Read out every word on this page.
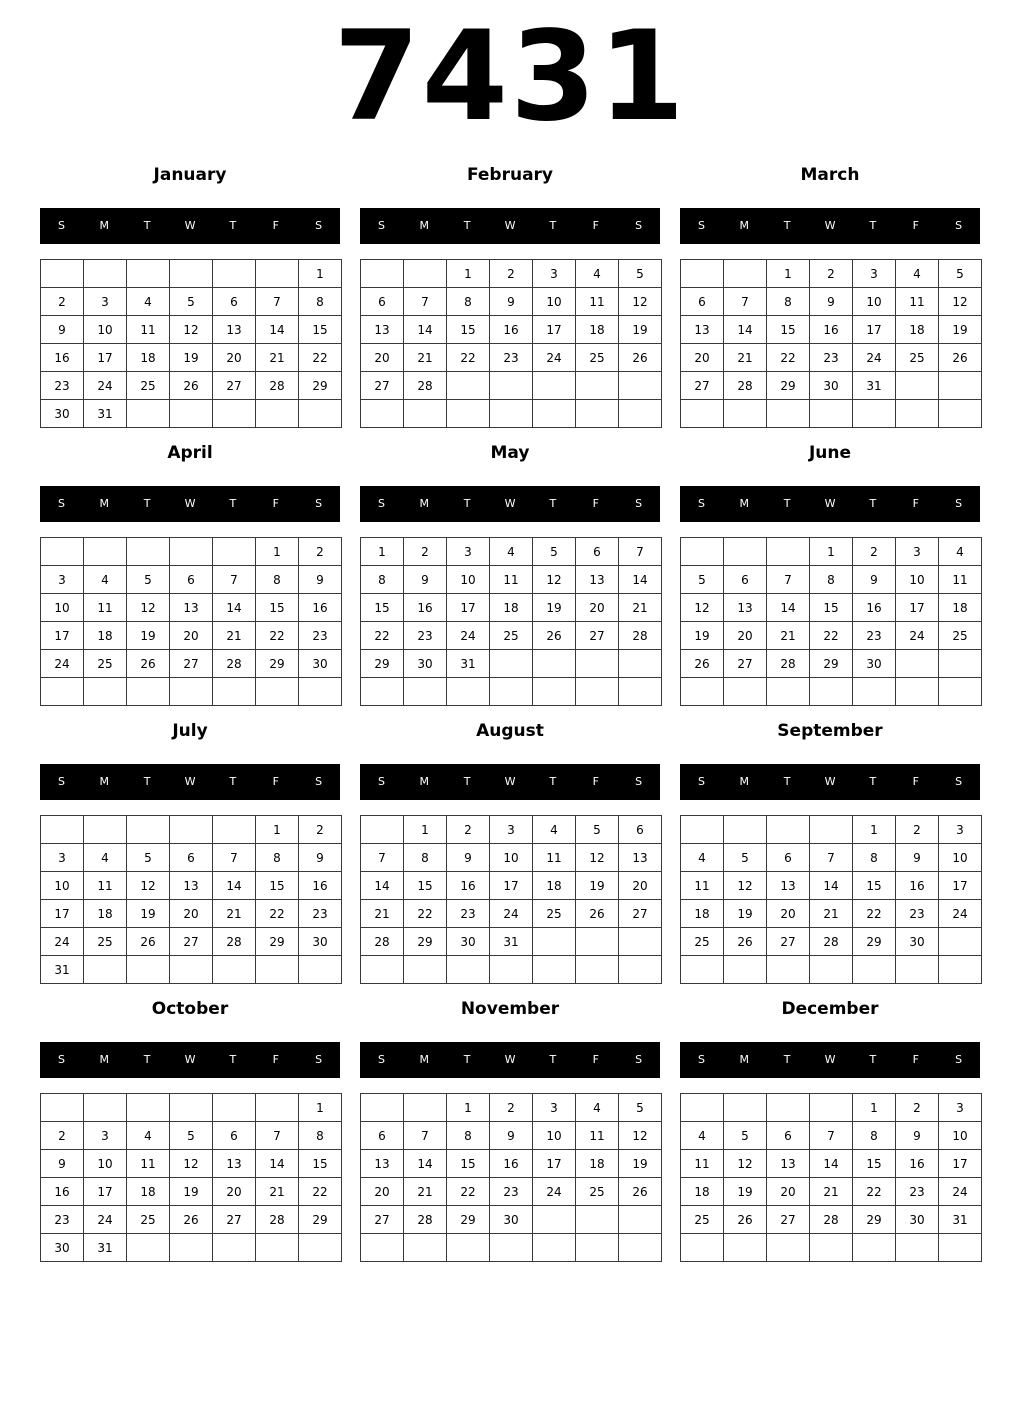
7431
January
S	M	T	W	T	F	S
						1
2	3	4	5	6	7	8
9	10	11	12	13	14	15
16	17	18	19	20	21	22
23	24	25	26	27	28	29
30	31					
February
S	M	T	W	T	F	S
		1	2	3	4	5
6	7	8	9	10	11	12
13	14	15	16	17	18	19
20	21	22	23	24	25	26
27	28					

March
S	M	T	W	T	F	S
		1	2	3	4	5
6	7	8	9	10	11	12
13	14	15	16	17	18	19
20	21	22	23	24	25	26
27	28	29	30	31		

April
S	M	T	W	T	F	S
					1	2
3	4	5	6	7	8	9
10	11	12	13	14	15	16
17	18	19	20	21	22	23
24	25	26	27	28	29	30

May
S	M	T	W	T	F	S
1	2	3	4	5	6	7
8	9	10	11	12	13	14
15	16	17	18	19	20	21
22	23	24	25	26	27	28
29	30	31				

June
S	M	T	W	T	F	S
			1	2	3	4
5	6	7	8	9	10	11
12	13	14	15	16	17	18
19	20	21	22	23	24	25
26	27	28	29	30		

July
S	M	T	W	T	F	S
					1	2
3	4	5	6	7	8	9
10	11	12	13	14	15	16
17	18	19	20	21	22	23
24	25	26	27	28	29	30
31						
August
S	M	T	W	T	F	S
	1	2	3	4	5	6
7	8	9	10	11	12	13
14	15	16	17	18	19	20
21	22	23	24	25	26	27
28	29	30	31			

September
S	M	T	W	T	F	S
				1	2	3
4	5	6	7	8	9	10
11	12	13	14	15	16	17
18	19	20	21	22	23	24
25	26	27	28	29	30	

October
S	M	T	W	T	F	S
						1
2	3	4	5	6	7	8
9	10	11	12	13	14	15
16	17	18	19	20	21	22
23	24	25	26	27	28	29
30	31					
November
S	M	T	W	T	F	S
		1	2	3	4	5
6	7	8	9	10	11	12
13	14	15	16	17	18	19
20	21	22	23	24	25	26
27	28	29	30			

December
S	M	T	W	T	F	S
				1	2	3
4	5	6	7	8	9	10
11	12	13	14	15	16	17
18	19	20	21	22	23	24
25	26	27	28	29	30	31
